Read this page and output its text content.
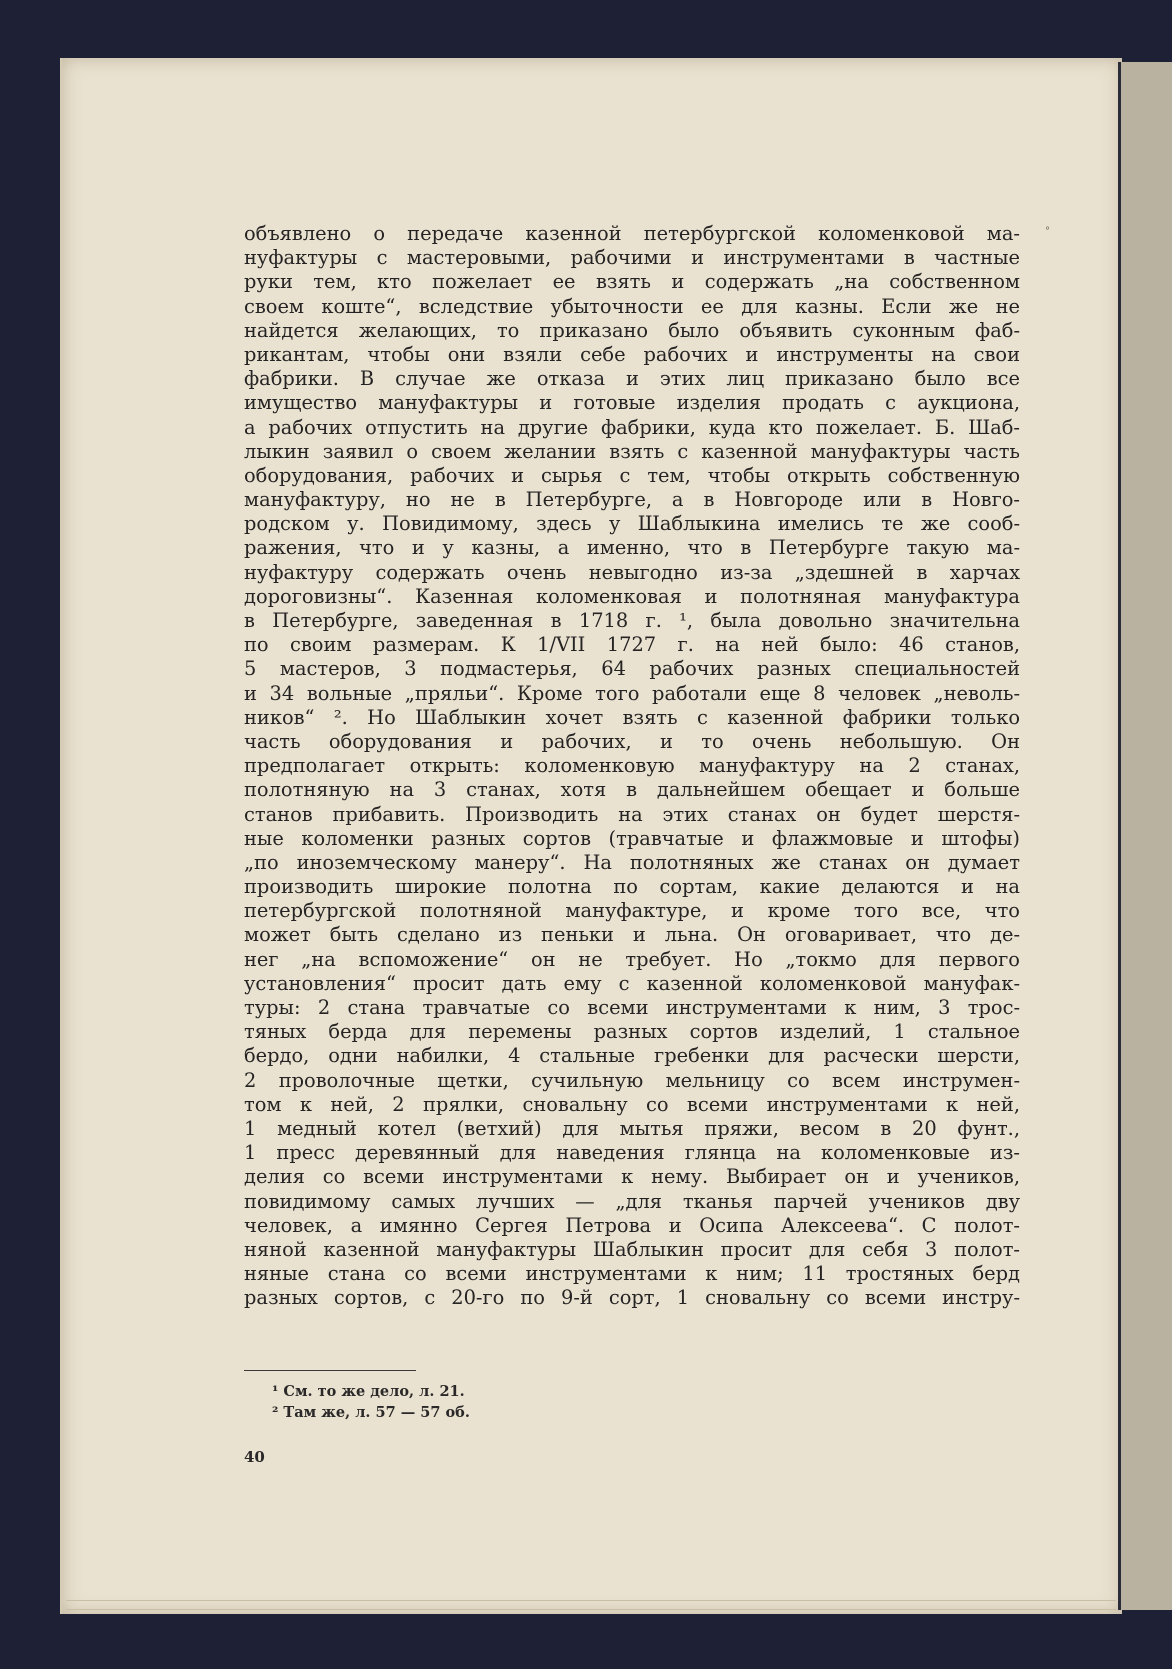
°
объявлено о передаче казенной петербургской коломенковой ма-
нуфактуры с мастеровыми, рабочими и инструментами в частные
руки тем, кто пожелает ее взять и содержать „на собственном
своем коште“, вследствие убыточности ее для казны. Если же не
найдется желающих, то приказано было объявить суконным фаб-
рикантам, чтобы они взяли себе рабочих и инструменты на свои
фабрики. В случае же отказа и этих лиц приказано было все
имущество мануфактуры и готовые изделия продать с аукциона,
а рабочих отпустить на другие фабрики, куда кто пожелает. Б. Шаб-
лыкин заявил о своем желании взять с казенной мануфактуры часть
оборудования, рабочих и сырья с тем, чтобы открыть собственную
мануфактуру, но не в Петербурге, а в Новгороде или в Новго-
родском у. Повидимому, здесь у Шаблыкина имелись те же сооб-
ражения, что и у казны, а именно, что в Петербурге такую ма-
нуфактуру содержать очень невыгодно из-за „здешней в харчах
дороговизны“. Казенная коломенковая и полотняная мануфактура
в Петербурге, заведенная в 1718 г. ¹, была довольно значительна
по своим размерам. К 1/VII 1727 г. на ней было: 46 станов,
5 мастеров, 3 подмастерья, 64 рабочих разных специальностей
и 34 вольные „пряльи“. Кроме того работали еще 8 человек „неволь-
ников“ ². Но Шаблыкин хочет взять с казенной фабрики только
часть оборудования и рабочих, и то очень небольшую. Он
предполагает открыть: коломенковую мануфактуру на 2 станах,
полотняную на 3 станах, хотя в дальнейшем обещает и больше
станов прибавить. Производить на этих станах он будет шерстя-
ные коломенки разных сортов (травчатые и флажмовые и штофы)
„по иноземческому манеру“. На полотняных же станах он думает
производить широкие полотна по сортам, какие делаются и на
петербургской полотняной мануфактуре, и кроме того все, что
может быть сделано из пеньки и льна. Он оговаривает, что де-
нег „на вспоможение“ он не требует. Но „токмо для первого
установления“ просит дать ему с казенной коломенковой мануфак-
туры: 2 стана травчатые со всеми инструментами к ним, 3 трос-
тяных берда для перемены разных сортов изделий, 1 стальное
бердо, одни набилки, 4 стальные гребенки для расчески шерсти,
2 проволочные щетки, сучильную мельницу со всем инструмен-
том к ней, 2 прялки, сновальну со всеми инструментами к ней,
1 медный котел (ветхий) для мытья пряжи, весом в 20 фунт.,
1 пресс деревянный для наведения глянца на коломенковые из-
делия со всеми инструментами к нему. Выбирает он и учеников,
повидимому самых лучших — „для тканья парчей учеников дву
человек, а имянно Сергея Петрова и Осипа Алексеева“. С полот-
няной казенной мануфактуры Шаблыкин просит для себя 3 полот-
няные стана со всеми инструментами к ним; 11 тростяных берд
разных сортов, с 20-го по 9-й сорт, 1 сновальну со всеми инстру-
¹ См. то же дело, л. 21.
² Там же, л. 57 — 57 об.
40
